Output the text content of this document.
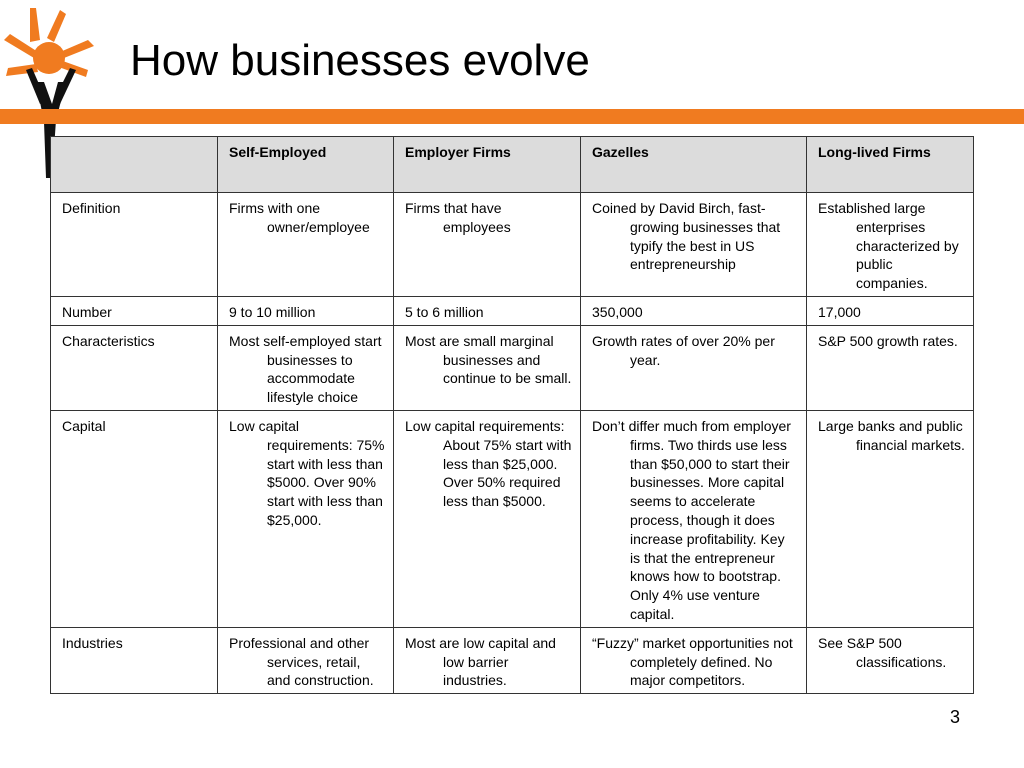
How businesses evolve
	Self-Employed	Employer Firms	Gazelles	Long-lived Firms
Definition	Firms with one owner/employee	Firms that have employees	Coined by David Birch, fast-growing businesses that typify the best in US entrepreneurship	Established large enterprises characterized by public companies.

Number	9 to 10 million	5 to 6 million	350,000	17,000

Characteristics	Most self-employed start businesses to accommodate lifestyle choice	Most are small marginal businesses and continue to be small.	Growth rates of over 20% per year.	S&P 500 growth rates.

Capital	Low capital requirements: 75% start with less than $5000. Over 90% start with less than $25,000.	Low capital requirements: About 75% start with less than $25,000. Over 50% required less than $5000.	Don’t differ much from employer firms. Two thirds use less than $50,000 to start their businesses. More capital seems to accelerate process, though it does increase profitability. Key is that the entrepreneur knows how to bootstrap. Only 4% use venture capital.	Large banks and public financial markets.

Industries	Professional and other services, retail, and construction.	Most are low capital and low barrier industries.	“Fuzzy” market opportunities not completely defined. No major competitors.	See S&P 500 classifications.
3
